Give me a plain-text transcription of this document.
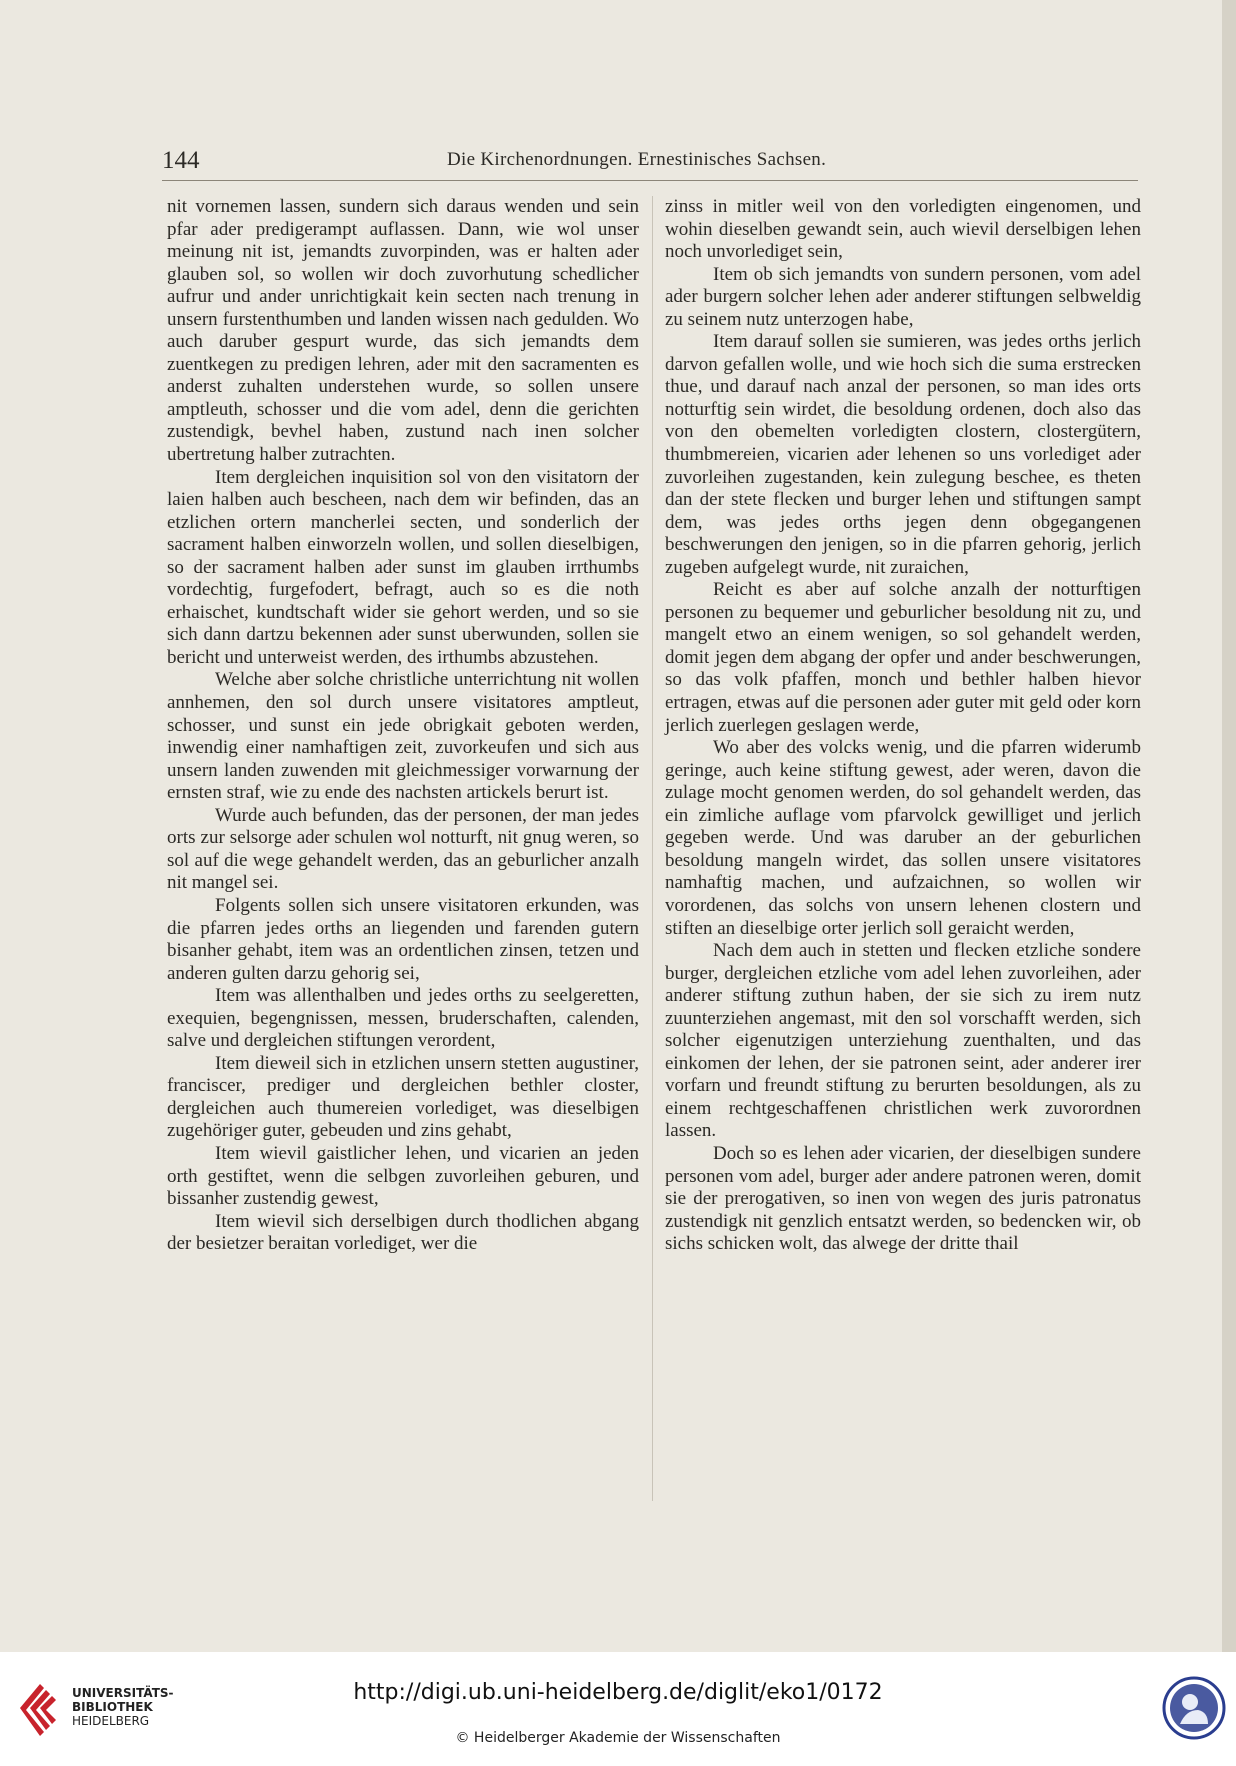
144	Die Kirchenordnungen. Ernestinisches Sachsen.

nit vornemen lassen, sundern sich daraus wenden und sein pfar ader predigerampt auflassen. Dann, wie wol unser meinung nit ist, jemandts zuvorpinden, was er halten ader glauben sol, so wollen wir doch zuvorhutung schedlicher aufrur und ander unrichtigkait kein secten nach trenung in unsern furstenthumben und landen wissen nach gedulden. Wo auch daruber gespurt wurde, das sich jemandts dem zuentkegen zu predigen lehren, ader mit den sacramenten es anderst zuhalten understehen wurde, so sollen unsere amptleuth, schosser und die vom adel, denn die gerichten zustendigk, bevhel haben, zustund nach inen solcher ubertretung halber zutrachten.

Item dergleichen inquisition sol von den visitatorn der laien halben auch bescheen, nach dem wir befinden, das an etzlichen ortern mancherlei secten, und sonderlich der sacrament halben einworzeln wollen, und sollen dieselbigen, so der sacrament halben ader sunst im glauben irrthumbs vordechtig, furgefodert, befragt, auch so es die noth erhaischet, kundtschaft wider sie gehort werden, und so sie sich dann dartzu bekennen ader sunst uberwunden, sollen sie bericht und unterweist werden, des irthumbs abzustehen.

Welche aber solche christliche unterrichtung nit wollen annhemen, den sol durch unsere visitatores amptleut, schosser, und sunst ein jede obrigkait geboten werden, inwendig einer namhaftigen zeit, zuvorkeufen und sich aus unsern landen zuwenden mit gleichmessiger vorwarnung der ernsten straf, wie zu ende des nachsten artickels berurt ist.

Wurde auch befunden, das der personen, der man jedes orts zur selsorge ader schulen wol notturft, nit gnug weren, so sol auf die wege gehandelt werden, das an geburlicher anzalh nit mangel sei.

Folgents sollen sich unsere visitatoren erkunden, was die pfarren jedes orths an liegenden und farenden gutern bisanher gehabt, item was an ordentlichen zinsen, tetzen und anderen gulten darzu gehorig sei,

Item was allenthalben und jedes orths zu seelgeretten, exequien, begengnissen, messen, bruderschaften, calenden, salve und dergleichen stiftungen verordent,

Item dieweil sich in etzlichen unsern stetten augustiner, franciscer, prediger und dergleichen bethler closter, dergleichen auch thumereien vorlediget, was dieselbigen zugehöriger guter, gebeuden und zins gehabt,

Item wievil gaistlicher lehen, und vicarien an jeden orth gestiftet, wenn die selbgen zuvorleihen geburen, und bissanher zustendig gewest,

Item wievil sich derselbigen durch thodlichen abgang der besietzer beraitan vorlediget, wer die

zinss in mitler weil von den vorledigten eingenomen, und wohin dieselben gewandt sein, auch wievil derselbigen lehen noch unvorlediget sein,

Item ob sich jemandts von sundern personen, vom adel ader burgern solcher lehen ader anderer stiftungen selbweldig zu seinem nutz unterzogen habe,

Item darauf sollen sie sumieren, was jedes orths jerlich darvon gefallen wolle, und wie hoch sich die suma erstrecken thue, und darauf nach anzal der personen, so man ides orts notturftig sein wirdet, die besoldung ordenen, doch also das von den obemelten vorledigten clostern, clostergütern, thumbmereien, vicarien ader lehenen so uns vorlediget ader zuvorleihen zugestanden, kein zulegung beschee, es theten dan der stete flecken und burger lehen und stiftungen sampt dem, was jedes orths jegen denn obgegangenen beschwerungen den jenigen, so in die pfarren gehorig, jerlich zugeben aufgelegt wurde, nit zuraichen,

Reicht es aber auf solche anzalh der notturftigen personen zu bequemer und geburlicher besoldung nit zu, und mangelt etwo an einem wenigen, so sol gehandelt werden, domit jegen dem abgang der opfer und ander beschwerungen, so das volk pfaffen, monch und bethler halben hievor ertragen, etwas auf die personen ader guter mit geld oder korn jerlich zuerlegen geslagen werde,

Wo aber des volcks wenig, und die pfarren widerumb geringe, auch keine stiftung gewest, ader weren, davon die zulage mocht genomen werden, do sol gehandelt werden, das ein zimliche auflage vom pfarvolck gewilliget und jerlich gegeben werde. Und was daruber an der geburlichen besoldung mangeln wirdet, das sollen unsere visitatores namhaftig machen, und aufzaichnen, so wollen wir vorordenen, das solchs von unsern lehenen clostern und stiften an dieselbige orter jerlich soll geraicht werden,

Nach dem auch in stetten und flecken etzliche sondere burger, dergleichen etzliche vom adel lehen zuvorleihen, ader anderer stiftung zuthun haben, der sie sich zu irem nutz zuunterziehen angemast, mit den sol vorschafft werden, sich solcher eigenutzigen unterziehung zuenthalten, und das einkomen der lehen, der sie patronen seint, ader anderer irer vorfarn und freundt stiftung zu berurten besoldungen, als zu einem rechtgeschaffenen christlichen werk zuvorordnen lassen.

Doch so es lehen ader vicarien, der dieselbigen sundere personen vom adel, burger ader andere patronen weren, domit sie der prerogativen, so inen von wegen des juris patronatus zustendigk nit genzlich entsatzt werden, so bedencken wir, ob sichs schicken wolt, das alwege der dritte thail

UNIVERSITÄTS-
BIBLIOTHEK
HEIDELBERG
http://digi.ub.uni-heidelberg.de/diglit/eko1/0172
© Heidelberger Akademie der Wissenschaften
